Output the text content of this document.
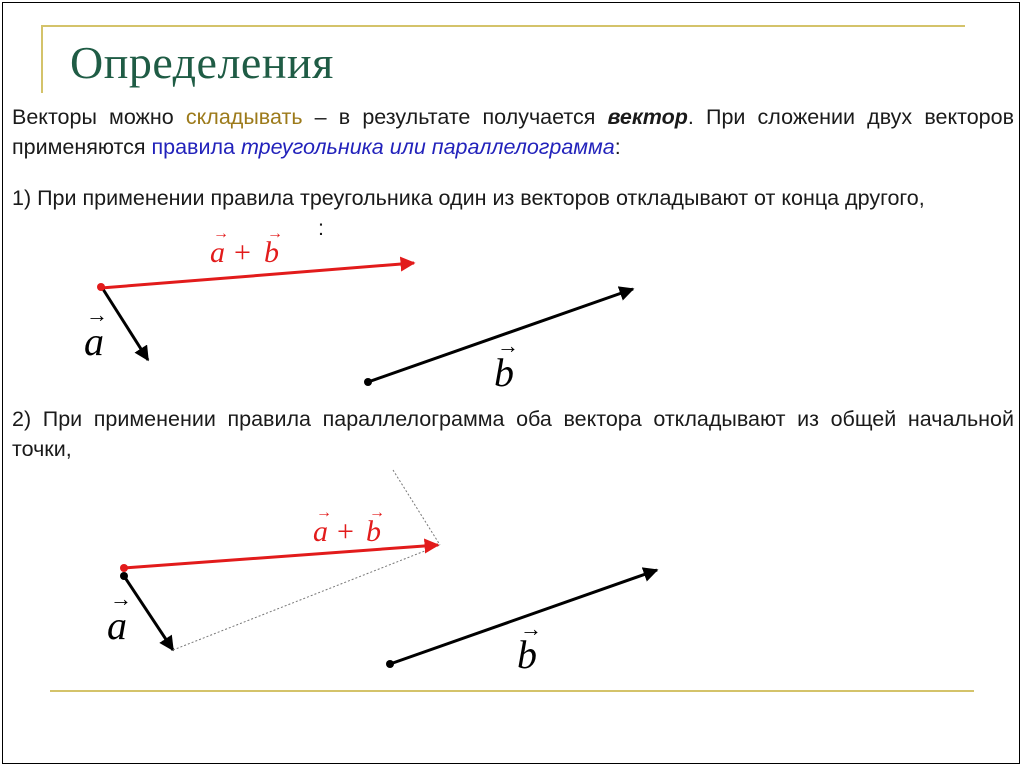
Определения

Векторы можно складывать – в результате получается вектор. При сложении двух векторов применяются правила треугольника или параллелограмма:

1) При применении правила треугольника один из векторов откладывают от конца другого,

:

2) При применении правила параллелограмма оба вектора откладывают из общей начальной точки,

→
a	→
b
→
a +
→
b
→
a	→
b
→
a +
→
b
